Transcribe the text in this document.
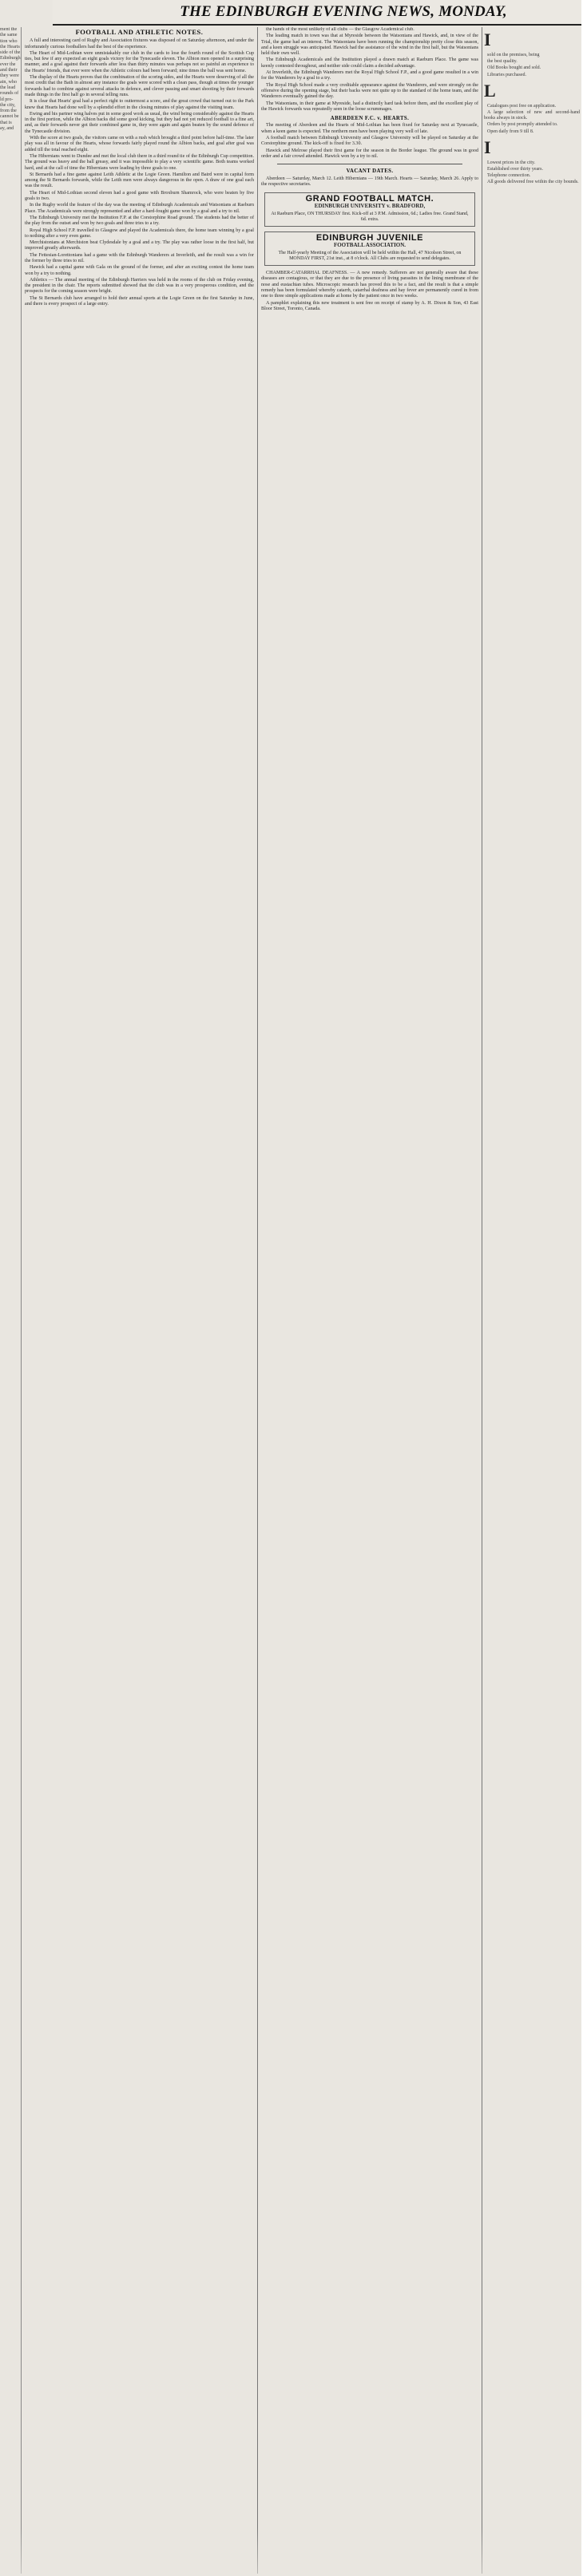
THE EDINBURGH EVENING NEWS, MONDAY,
ment the
the same
tion who
the Hearts
side of the
Edinburgh
ever the
and their
they were
ain, who
the lead
rounds of
ld pro-
the city,
from the
cannot be
that is
ay, and
FOOTBALL AND ATHLETIC NOTES.

A full and interesting card of Rugby and Association fixtures was disposed of on Saturday afternoon, and under the inforturately curious footballers had the best of the experience.

The Heart of Mid-Lothian were unmistakably our club in the cards to lose the fourth round of the Scottish Cup ties, but few if any expected an eight goals victory for the Tynecastle eleven. The Albion men opened in a surprising manner, and a goal against their forwards after less than thirty minutes was perhaps not so painful an experience to the Hearts' friends, that ever were when the Athletic colours had been forward; nine times the ball was sent home.

The display of the Hearts proves that the combination of the scoring sides, and the Hearts were deserving of all the most credit that the Bath in almost any instance the goals were scored with a clean pass, though at times the younger forwards had to combine against several attacks in defence, and clever passing and smart shooting by their forwards made things in the first half go in several telling runs.

It is clear that Hearts' goal had a perfect right to outtermost a score, and the great crowd that turned out to the Park knew that Hearts had done well by a splendid effort in the closing minutes of play against the visiting team.

Ewing and his partner wing halves put in some good work as usual, the wind being considerably against the Hearts in the first portion, while the Albion backs did some good kicking, but they had not yet reduced football to a fine art, and, as their forwards never got their combined game in, they were again and again beaten by the sound defence of the Tynecastle division.

With the score at two goals, the visitors came on with a rush which brought a third point before half-time. The later play was all in favour of the Hearts, whose forwards fairly played round the Albion backs, and goal after goal was added till the total reached eight.

The Hibernians went to Dundee and met the local club there in a third round tie of the Edinburgh Cup competition. The ground was heavy and the ball greasy, and it was impossible to play a very scientific game. Both teams worked hard, and at the call of time the Hibernians were leading by three goals to one.

St Bernards had a fine game against Leith Athletic at the Logie Green. Hamilton and Baird were in capital form among the St Bernards forwards, while the Leith men were always dangerous in the open. A draw of one goal each was the result.

The Heart of Mid-Lothian second eleven had a good game with Broxburn Shamrock, who were beaten by five goals to two.

In the Rugby world the feature of the day was the meeting of Edinburgh Academicals and Watsonians at Raeburn Place. The Academicals were strongly represented and after a hard-fought game won by a goal and a try to nil.

The Edinburgh University met the Institution F.P. at the Corstorphine Road ground. The students had the better of the play from the outset and won by two goals and three tries to a try.

Royal High School F.P. travelled to Glasgow and played the Academicals there, the home team winning by a goal to nothing after a very even game.

Merchistonians at Merchiston beat Clydesdale by a goal and a try. The play was rather loose in the first half, but improved greatly afterwards.

The Fettesian-Lorettonians had a game with the Edinburgh Wanderers at Inverleith, and the result was a win for the former by three tries to nil.

Hawick had a capital game with Gala on the ground of the former, and after an exciting contest the home team won by a try to nothing.

Athletics — The annual meeting of the Edinburgh Harriers was held in the rooms of the club on Friday evening, the president in the chair. The reports submitted showed that the club was in a very prosperous condition, and the prospects for the coming season were bright.

The St Bernards club have arranged to hold their annual sports at the Logie Green on the first Saturday in June, and there is every prospect of a large entry.

the hands of the most unlikely of all clubs — the Glasgow Academical club.

The leading match in town was that at Myreside between the Watsonians and Hawick, and, in view of the Trial, the game had an interest. The Watsonians have been running the championship pretty close this season, and a keen struggle was anticipated. Hawick had the assistance of the wind in the first half, but the Watsonians held their own well.

The Edinburgh Academicals and the Institution played a drawn match at Raeburn Place. The game was keenly contested throughout, and neither side could claim a decided advantage.

At Inverleith, the Edinburgh Wanderers met the Royal High School F.P., and a good game resulted in a win for the Wanderers by a goal to a try.

The Royal High School made a very creditable appearance against the Wanderers, and were strongly on the offensive during the opening stage, but their backs were not quite up to the standard of the home team, and the Wanderers eventually gained the day.

The Watsonians, in their game at Myreside, had a distinctly hard task before them, and the excellent play of the Hawick forwards was repeatedly seen in the loose scrummages.

ABERDEEN F.C. v. HEARTS.

The meeting of Aberdeen and the Hearts of Mid-Lothian has been fixed for Saturday next at Tynecastle, when a keen game is expected. The northern men have been playing very well of late.

A football match between Edinburgh University and Glasgow University will be played on Saturday at the Corstorphine ground. The kick-off is fixed for 3.30.

Hawick and Melrose played their first game for the season in the Border league. The ground was in good order and a fair crowd attended. Hawick won by a try to nil.

VACANT DATES.

Aberdeen — Saturday, March 12. Leith Hibernians — 19th March. Hearts — Saturday, March 26. Apply to the respective secretaries.

GRAND FOOTBALL MATCH.
EDINBURGH UNIVERSITY v. BRADFORD,
At Raeburn Place, ON THURSDAY first. Kick-off at 3 P.M. Admission, 6d.; Ladies free. Grand Stand, 6d. extra.
EDINBURGH JUVENILE
FOOTBALL ASSOCIATION.
The Half-yearly Meeting of the Association will be held within the Hall, 47 Nicolson Street, on MONDAY FIRST, 21st inst., at 8 o'clock. All Clubs are requested to send delegates.

CHAMBER-CATARRHAL DEAFNESS. — A new remedy. Sufferers are not generally aware that these diseases are contagious, or that they are due to the presence of living parasites in the lining membrane of the nose and eustachian tubes. Microscopic research has proved this to be a fact, and the result is that a simple remedy has been formulated whereby catarrh, catarrhal deafness and hay fever are permanently cured in from one to three simple applications made at home by the patient once in two weeks.

A pamphlet explaining this new treatment is sent free on receipt of stamp by A. H. Dixon & Son, 43 East Bloor Street, Toronto, Canada.

I

sold on the premises, being

the best quality.

Old Books bought and sold.

Libraries purchased.

L

Catalogues post free on application.

A large selection of new and second-hand books always in stock.

Orders by post promptly attended to.

Open daily from 9 till 8.

I

Lowest prices in the city.

Established over thirty years.

Telephone connection.

All goods delivered free within the city bounds.
